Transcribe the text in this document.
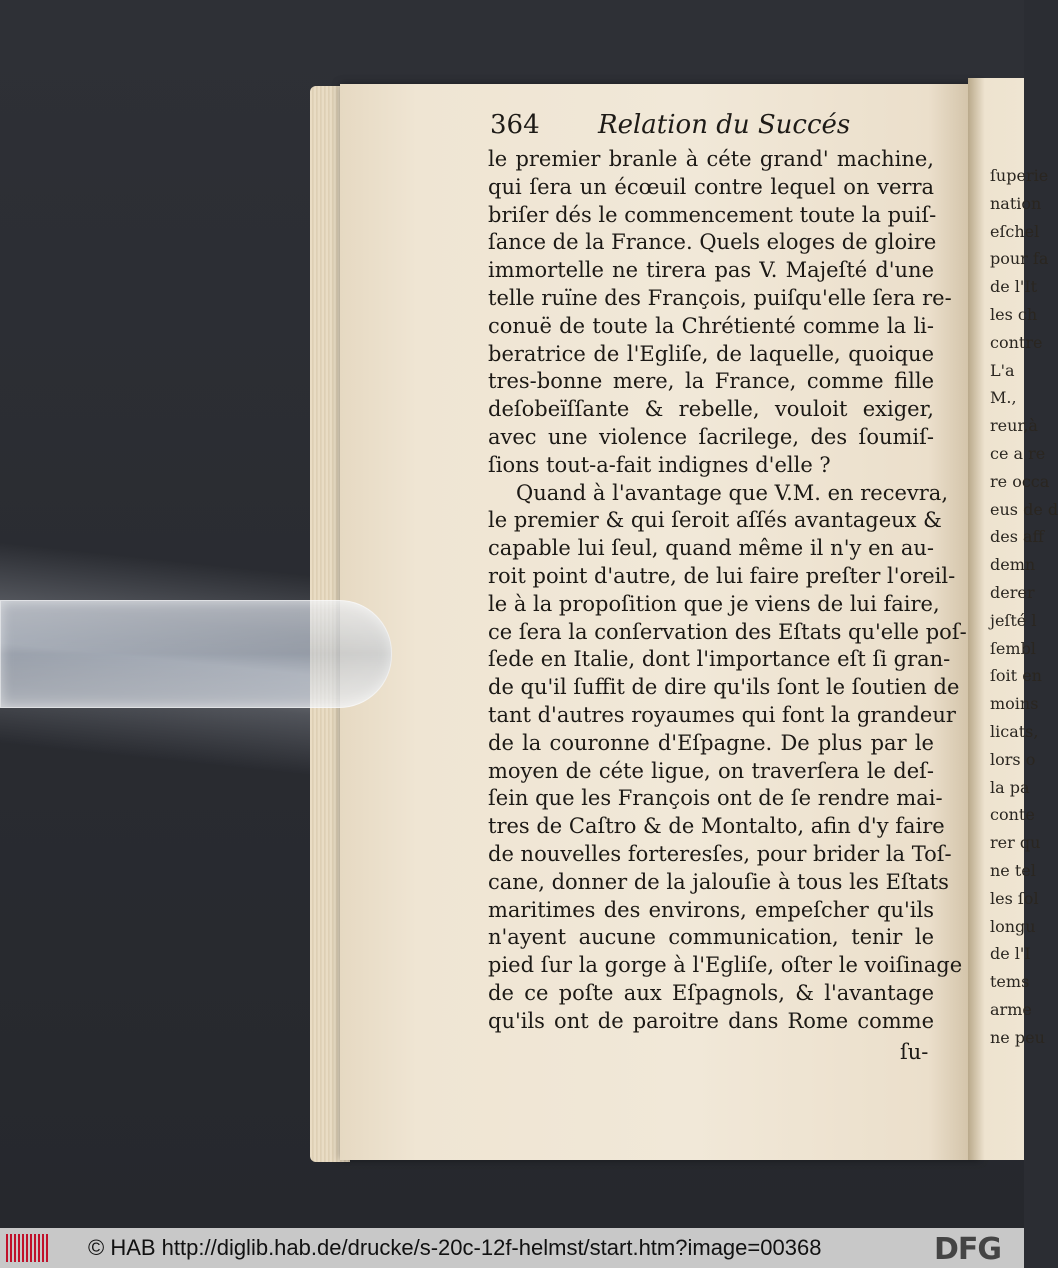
ſuperie
nation
eſchel
pour fa
de l'It
les ch
contre
L'a
M.,
reur,à
ce a re
re occa
eus de d
des aff
demn
derer
jeſté l
ſembl
ſoit en
moins
licats,
lors o
la pa
conte
rer qu
ne tel
les ſol
longu
de l'I
tems
arme
ne peu
364 Relation du Succés
le premier branle à céte grand' machine,
qui ſera un écœuil contre lequel on verra
briſer dés le commencement toute la puiſ-
ſance de la France. Quels eloges de gloire
immortelle ne tirera pas V. Majeſté d'une
telle ruïne des François, puiſqu'elle ſera re-
conuë de toute la Chrétienté comme la li-
beratrice de l'Egliſe, de laquelle, quoique
tres-bonne mere, la France, comme fille
deſobeïſſante & rebelle, vouloit exiger,
avec une violence ſacrilege, des ſoumiſ-
ſions tout-a-fait indignes d'elle ?
Quand à l'avantage que V.M. en recevra,
le premier & qui ſeroit aſſés avantageux &
capable lui ſeul, quand même il n'y en au-
roit point d'autre, de lui faire preſter l'oreil-
le à la propoſition que je viens de lui faire,
ce ſera la conſervation des Eſtats qu'elle poſ-
ſede en Italie, dont l'importance eſt ſi gran-
de qu'il ſuffit de dire qu'ils ſont le ſoutien de
tant d'autres royaumes qui font la grandeur
de la couronne d'Eſpagne. De plus par le
moyen de céte ligue, on traverſera le deſ-
ſein que les François ont de ſe rendre mai-
tres de Caſtro & de Montalto, afin d'y faire
de nouvelles forteresſes, pour brider la Toſ-
cane, donner de la jalouſie à tous les Eſtats
maritimes des environs, empeſcher qu'ils
n'ayent aucune communication, tenir le
pied ſur la gorge à l'Egliſe, oſter le voiſinage
de ce poſte aux Eſpagnols, & l'avantage
qu'ils ont de paroitre dans Rome comme
ſu-
© HAB http://diglib.hab.de/drucke/s-20c-12f-helmst/start.htm?image=00368	DFG
